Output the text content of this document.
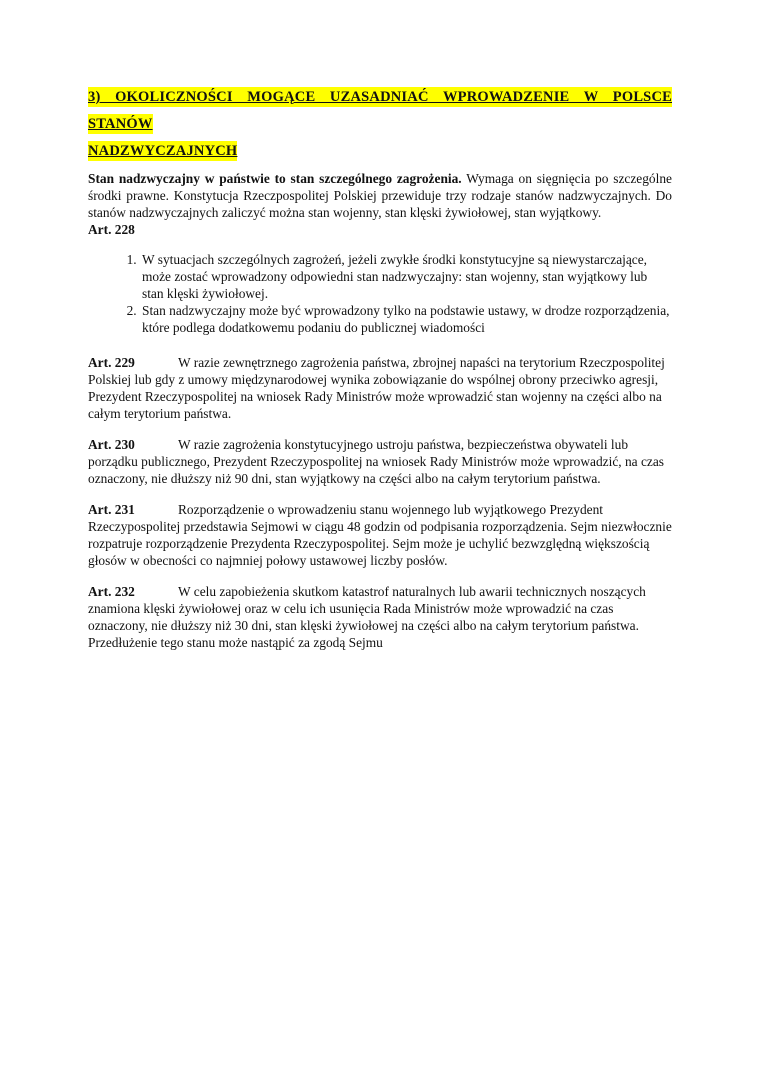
3) OKOLICZNOŚCI MOGĄCE UZASADNIAĆ WPROWADZENIE W POLSCE STANÓW
NADZWYCZAJNYCH

Stan nadzwyczajny w państwie to stan szczególnego zagrożenia. Wymaga on sięgnięcia po szczególne środki prawne. Konstytucja Rzeczpospolitej Polskiej przewiduje trzy rodzaje stanów nadzwyczajnych. Do stanów nadzwyczajnych zaliczyć można stan wojenny, stan klęski żywiołowej, stan wyjątkowy.

Art. 228

1. W sytuacjach szczególnych zagrożeń, jeżeli zwykłe środki konstytucyjne są niewystarczające, może zostać wprowadzony odpowiedni stan nadzwyczajny: stan wojenny, stan wyjątkowy lub stan klęski żywiołowej.
2. Stan nadzwyczajny może być wprowadzony tylko na podstawie ustawy, w drodze rozporządzenia, które podlega dodatkowemu podaniu do publicznej wiadomości

Art. 229	W razie zewnętrznego zagrożenia państwa, zbrojnej napaści na terytorium Rzeczpospolitej Polskiej lub gdy z umowy międzynarodowej wynika zobowiązanie do wspólnej obrony przeciwko agresji, Prezydent Rzeczypospolitej na wniosek Rady Ministrów może wprowadzić stan wojenny na części albo na całym terytorium państwa.

Art. 230	W razie zagrożenia konstytucyjnego ustroju państwa, bezpieczeństwa obywateli lub porządku publicznego, Prezydent Rzeczypospolitej na wniosek Rady Ministrów może wprowadzić, na czas oznaczony, nie dłuższy niż 90 dni, stan wyjątkowy na części albo na całym terytorium państwa.

Art. 231	Rozporządzenie o wprowadzeniu stanu wojennego lub wyjątkowego Prezydent Rzeczypospolitej przedstawia Sejmowi w ciągu 48 godzin od podpisania rozporządzenia. Sejm niezwłocznie rozpatruje rozporządzenie Prezydenta Rzeczypospolitej. Sejm może je uchylić bezwzględną większością głosów w obecności co najmniej połowy ustawowej liczby posłów.

Art. 232	W celu zapobieżenia skutkom katastrof naturalnych lub awarii technicznych noszących znamiona klęski żywiołowej oraz w celu ich usunięcia Rada Ministrów może wprowadzić na czas oznaczony, nie dłuższy niż 30 dni, stan klęski żywiołowej na części albo na całym terytorium państwa. Przedłużenie tego stanu może nastąpić za zgodą Sejmu
